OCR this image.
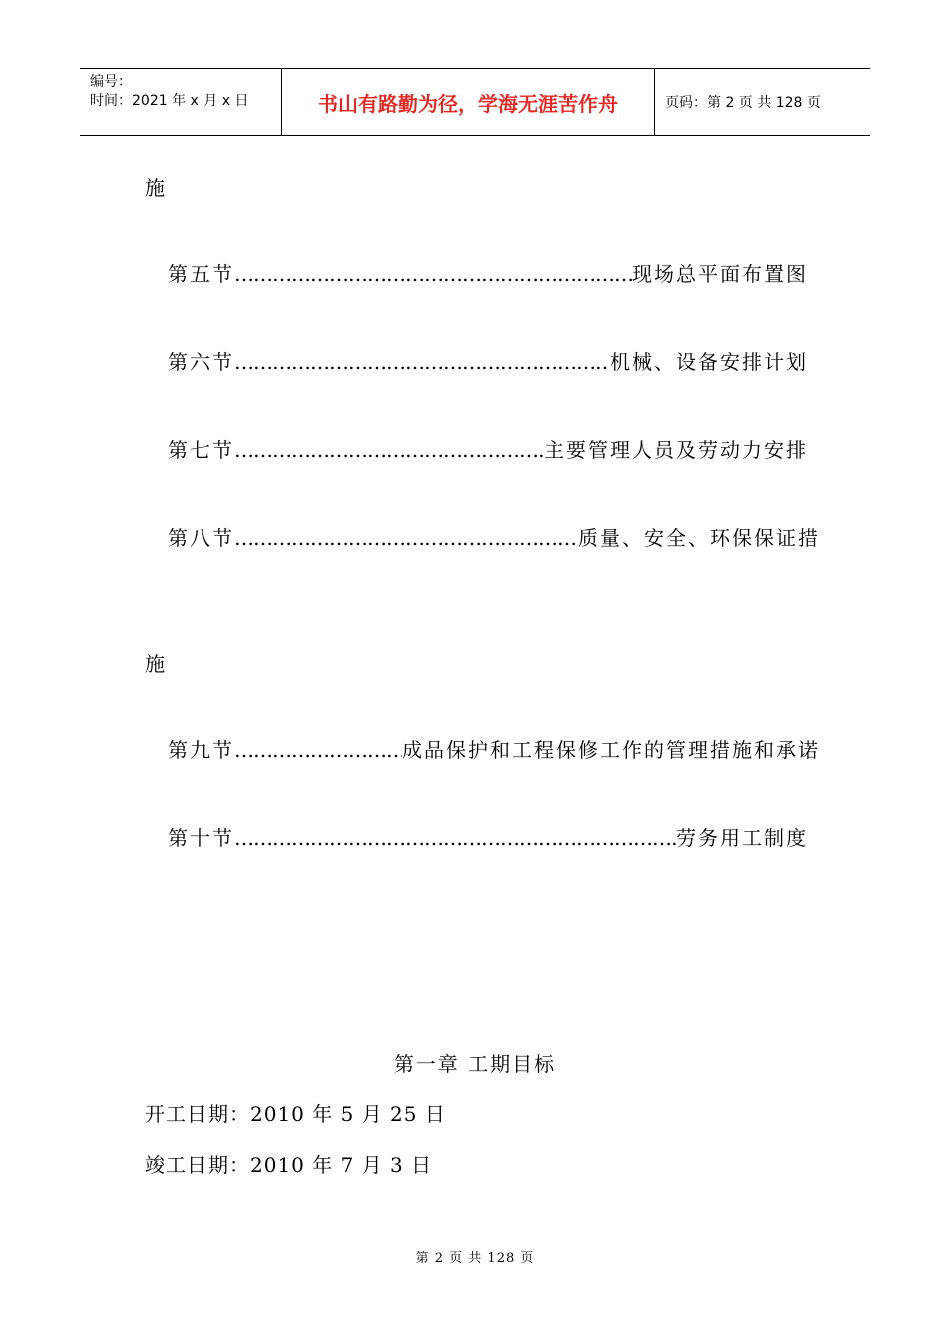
编号：
时间：2021 年 x 月 x 日	书山有路勤为径，学海无涯苦作舟	页码：第 2 页 共 128 页
施
第五节 …………………………………………………………………………………………………………	现场总平面布置图
第六节 …………………………………………………………………………………………………………	机械、设备安排计划
第七节 …………………………………………………………………………………………………………	主要管理人员及劳动力安排
第八节 …………………………………………………………………………………………………………	质量、安全、环保保证措
施
第九节 …………………………………………………………………………………………………………	成品保护和工程保修工作的管理措施和承诺
第十节 …………………………………………………………………………………………………………	劳务用工制度
第一章 工期目标
开工日期：2010 年 5 月 25 日
竣工日期：2010 年 7 月 3 日
第 2 页 共 128 页
